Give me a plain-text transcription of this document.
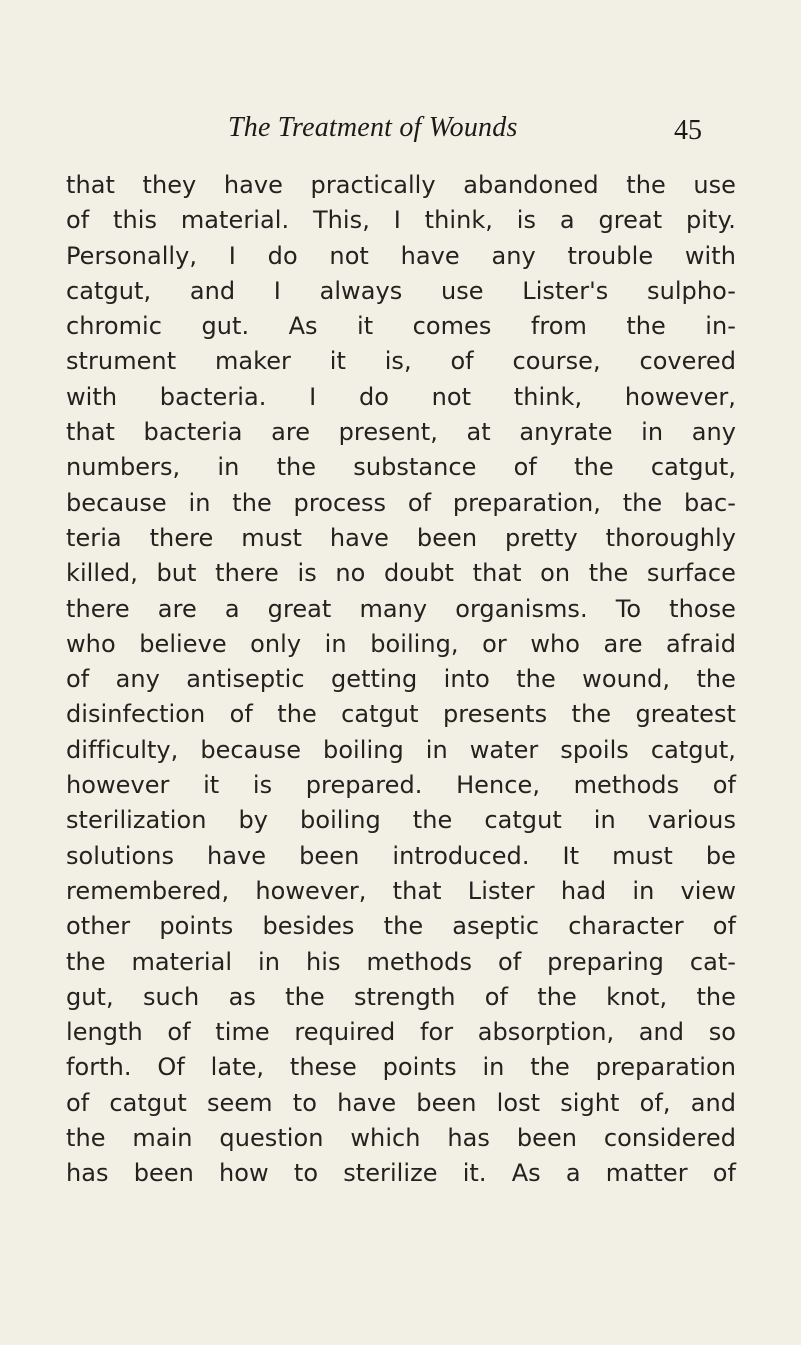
The Treatment of Wounds	45
that they have practically abandoned the use
of this material. This, I think, is a great pity.
Personally, I do not have any trouble with
catgut, and I always use Lister's sulpho-
chromic gut. As it comes from the in-
strument maker it is, of course, covered
with bacteria. I do not think, however,
that bacteria are present, at anyrate in any
numbers, in the substance of the catgut,
because in the process of preparation, the bac-
teria there must have been pretty thoroughly
killed, but there is no doubt that on the surface
there are a great many organisms. To those
who believe only in boiling, or who are afraid
of any antiseptic getting into the wound, the
disinfection of the catgut presents the greatest
difficulty, because boiling in water spoils catgut,
however it is prepared. Hence, methods of
sterilization by boiling the catgut in various
solutions have been introduced. It must be
remembered, however, that Lister had in view
other points besides the aseptic character of
the material in his methods of preparing cat-
gut, such as the strength of the knot, the
length of time required for absorption, and so
forth. Of late, these points in the preparation
of catgut seem to have been lost sight of, and
the main question which has been considered
has been how to sterilize it. As a matter of
